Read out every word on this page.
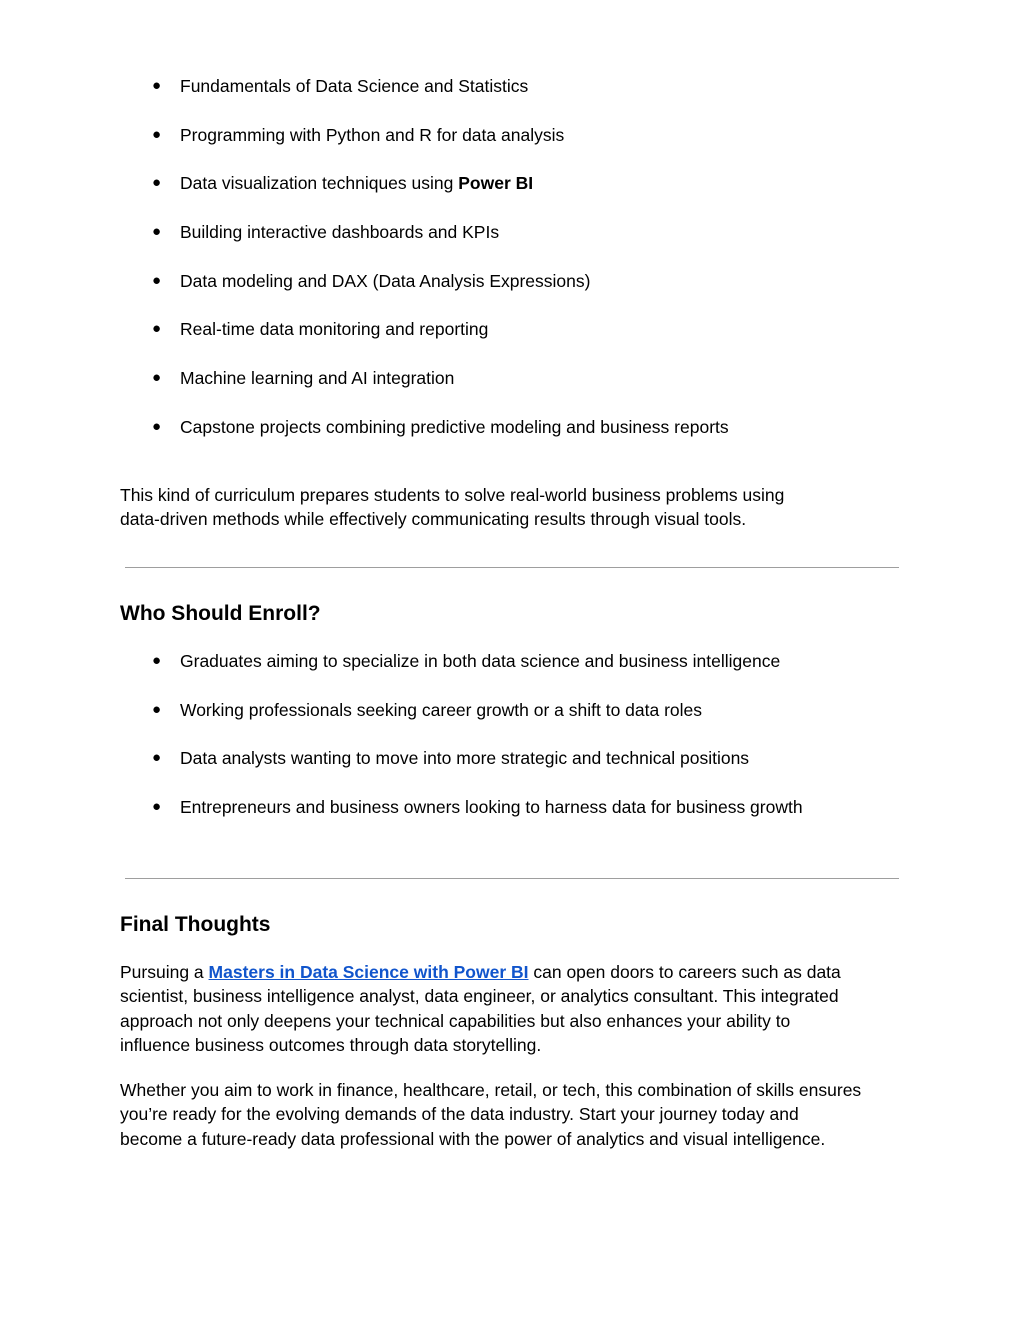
● Fundamentals of Data Science and Statistics
● Programming with Python and R for data analysis
● Data visualization techniques using Power BI
● Building interactive dashboards and KPIs
● Data modeling and DAX (Data Analysis Expressions)
● Real-time data monitoring and reporting
● Machine learning and AI integration
● Capstone projects combining predictive modeling and business reports

This kind of curriculum prepares students to solve real-world business problems using
data-driven methods while effectively communicating results through visual tools.

Who Should Enroll?
● Graduates aiming to specialize in both data science and business intelligence
● Working professionals seeking career growth or a shift to data roles
● Data analysts wanting to move into more strategic and technical positions
● Entrepreneurs and business owners looking to harness data for business growth
Final Thoughts

Pursuing a Masters in Data Science with Power BI can open doors to careers such as data
scientist, business intelligence analyst, data engineer, or analytics consultant. This integrated
approach not only deepens your technical capabilities but also enhances your ability to
influence business outcomes through data storytelling.

Whether you aim to work in finance, healthcare, retail, or tech, this combination of skills ensures
you’re ready for the evolving demands of the data industry. Start your journey today and
become a future-ready data professional with the power of analytics and visual intelligence.
